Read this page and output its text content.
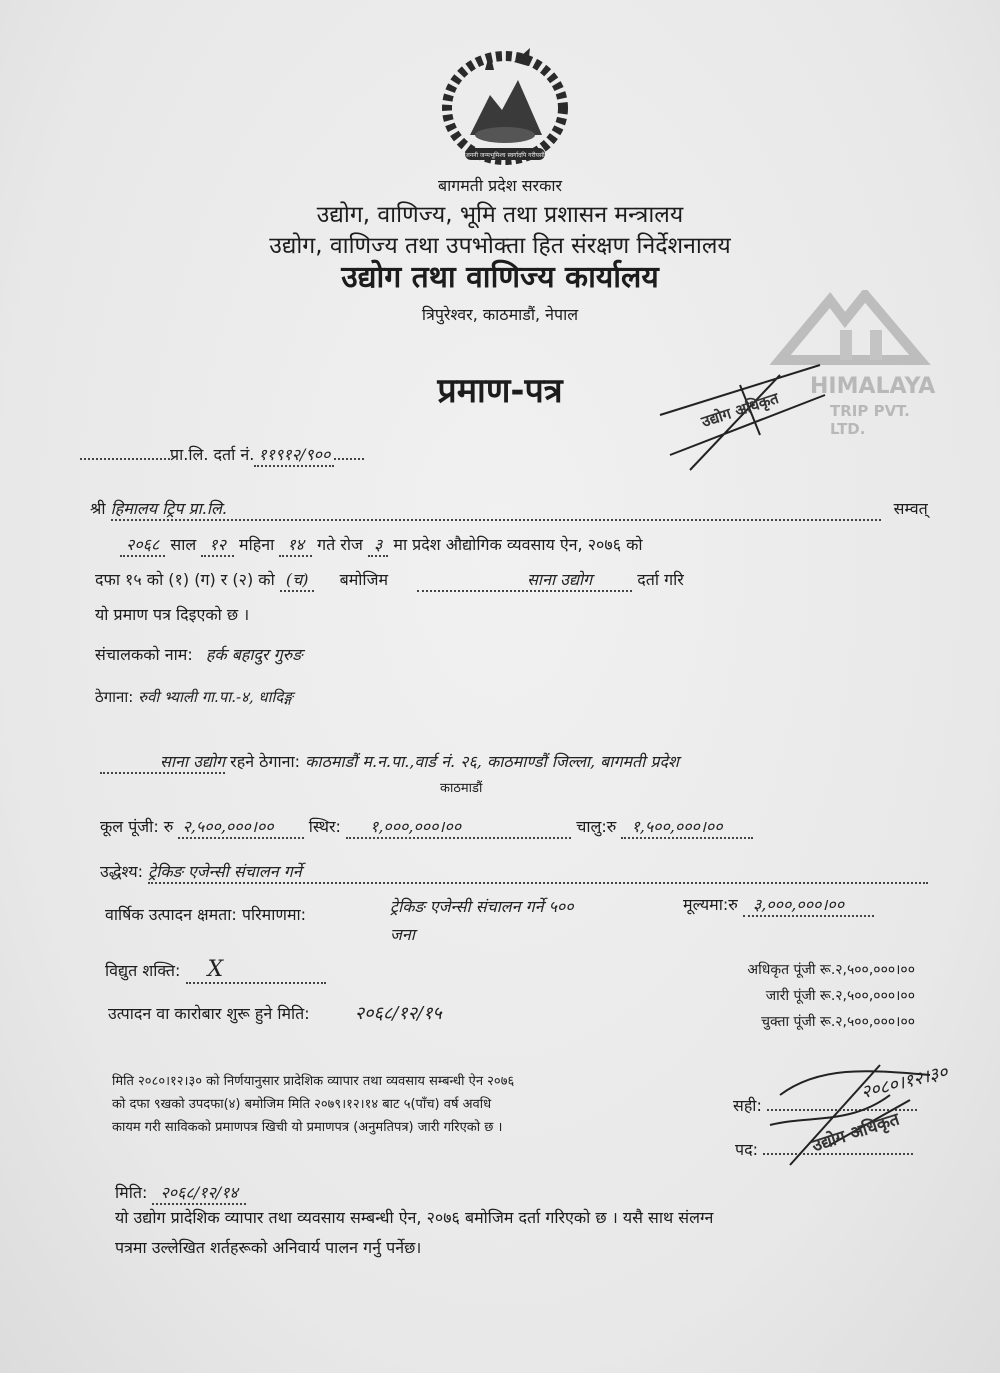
HIMALAYA
TRIP PVT. LTD.
जननी जन्मभूमिश्च स्वर्गादपि गरीयसी
बागमती प्रदेश सरकार
उद्योग, वाणिज्य, भूमि तथा प्रशासन मन्त्रालय
उद्योग, वाणिज्य तथा उपभोक्ता हित संरक्षण निर्देशनालय
उद्योग तथा वाणिज्य कार्यालय
त्रिपुरेश्वर, काठमाडौं, नेपाल
उद्योग अधिकृत
प्रमाण-पत्र
प्रा.लि. दर्ता नं. ११९१२/९००
श्री हिमालय ट्रिप प्रा.लि.	सम्वत्
२०६८ साल १२ महिना १४ गते रोज ३ मा प्रदेश औद्योगिक व्यवसाय ऐन, २०७६ को
दफा १५ को (१) (ग) र (२) को (च) बमोजिम	साना उद्योग	दर्ता गरि
यो प्रमाण पत्र दिइएको छ ।
संचालकको नाम: हर्क बहादुर गुरुङ
ठेगाना: रुवी भ्याली गा.पा.-४, धादिङ्ग
साना उद्योग रहने ठेगाना: काठमाडौं म.न.पा.,वार्ड नं. २६, काठमाण्डौं जिल्ला, बागमती प्रदेश
काठमाडौं
कूल पूंजी: रु २,५००,०००।०० स्थिर: १,०००,०००।००	चालु:रु १,५००,०००।००
उद्धेश्य: ट्रेकिङ एजेन्सी संचालन गर्ने
वार्षिक उत्पादन क्षमता: परिमाणमा:	ट्रेकिङ एजेन्सी संचालन गर्ने ५००
जना
मूल्यमा:रु ३,०००,०००।००
विद्युत शक्ति: X	अधिकृत पूंजी रू.२,५००,०००।००
जारी पूंजी रू.२,५००,०००।००
चुक्ता पूंजी रू.२,५००,०००।००
उत्पादन वा कारोबार शुरू हुने मिति:	२०६८/१२/१५
मिति २०८०।१२।३० को निर्णयानुसार प्रादेशिक व्यापार तथा व्यवसाय सम्बन्धी ऐन २०७६
को दफा ९खको उपदफा(४) बमोजिम मिति २०७९।१२।१४ बाट ५(पाँच) वर्ष अवधि
कायम गरी साविकको प्रमाणपत्र खिची यो प्रमाणपत्र (अनुमतिपत्र) जारी गरिएको छ ।
सही:
पद:
२०८०।१२।३०
उद्योग अधिकृत
मिति: २०६८/१२/१४
यो उद्योग प्रादेशिक व्यापार तथा व्यवसाय सम्बन्धी ऐन, २०७६ बमोजिम दर्ता गरिएको छ । यसै साथ संलग्न
पत्रमा उल्लेखित शर्तहरूको अनिवार्य पालन गर्नु पर्नेछ।
